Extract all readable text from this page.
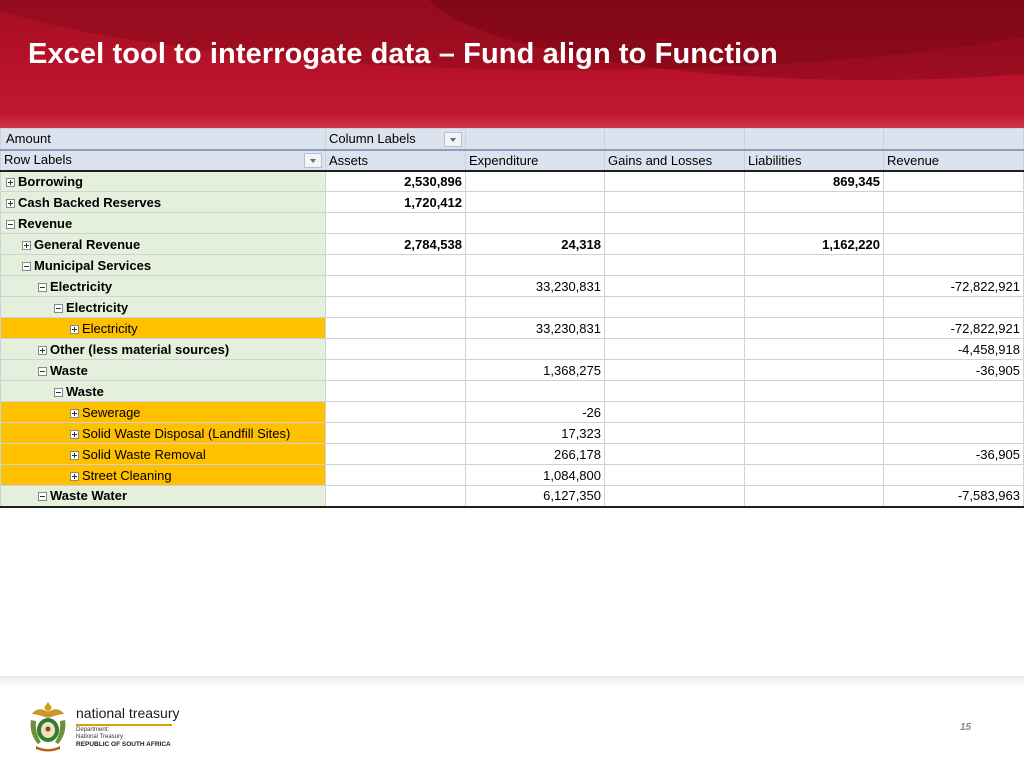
Excel tool to interrogate data – Fund align to Function
Amount	Column Labels

Row Labels	Assets	Expenditure	Gains and Losses	Liabilities	Revenue
Borrowing	2,530,896			869,345	
Cash Backed Reserves	1,720,412				
Revenue					
General Revenue	2,784,538	24,318		1,162,220	
Municipal Services					
Electricity		33,230,831			-72,822,921
Electricity					
Electricity		33,230,831			-72,822,921
Other (less material sources)					-4,458,918
Waste		1,368,275			-36,905
Waste					
Sewerage		-26			
Solid Waste Disposal (Landfill Sites)		17,323			
Solid Waste Removal		266,178			-36,905
Street Cleaning		1,084,800			
Waste Water		6,127,350			-7,583,963
national treasury
Department:
National Treasury
REPUBLIC OF SOUTH AFRICA
15
